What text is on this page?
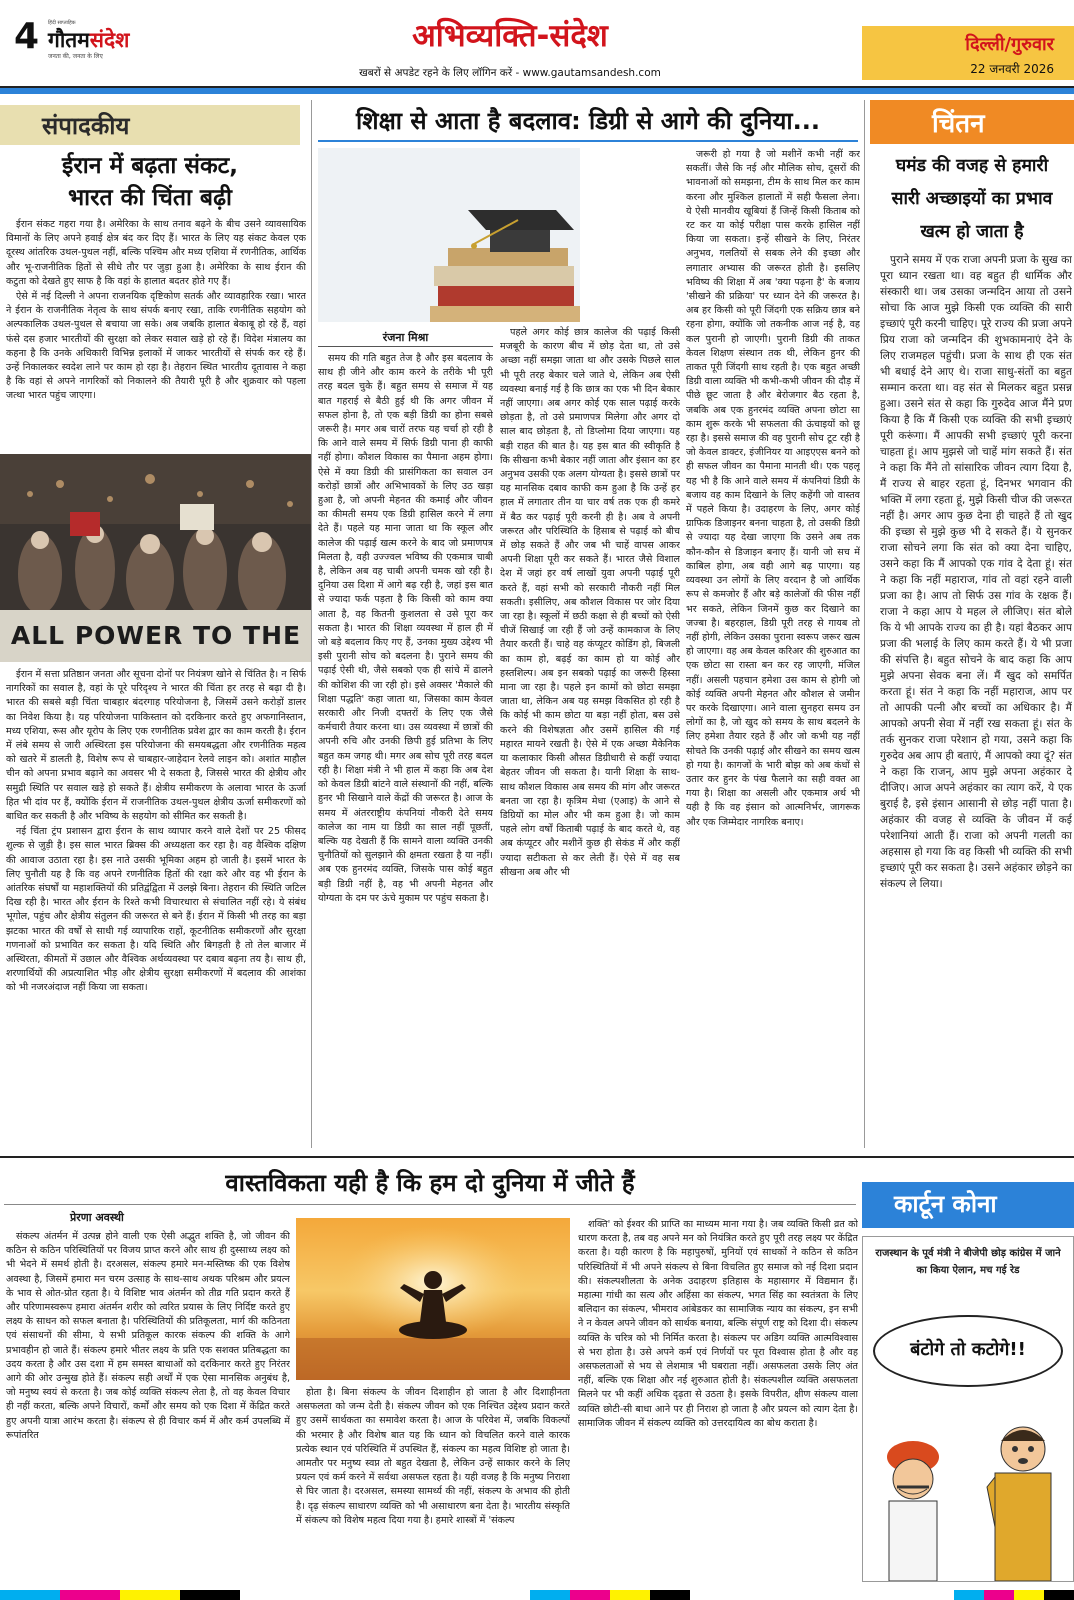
4 हिंदी साप्ताहिक
गौतमसंदेश
जनता की, जनता के लिए
अभिव्यक्ति-संदेश
खबरों से अपडेट रहने के लिए लॉगिन करें - www.gautamsandesh.com
दिल्ली/गुरुवार
22 जनवरी 2026
संपादकीय
ईरान में बढ़ता संकट,
भारत की चिंता बढ़ी

ईरान संकट गहरा गया है। अमेरिका के साथ तनाव बढ़ने के बीच उसने व्यावसायिक विमानों के लिए अपने हवाई क्षेत्र बंद कर दिए हैं। भारत के लिए यह संकट केवल एक दूरस्थ आंतरिक उथल-पुथल नहीं, बल्कि पश्चिम और मध्य एशिया में रणनीतिक, आर्थिक और भू-राजनीतिक हितों से सीधे तौर पर जुड़ा हुआ है। अमेरिका के साथ ईरान की कटुता को देखते हुए साफ है कि वहां के हालात बदतर होते गए हैं।

ऐसे में नई दिल्ली ने अपना राजनयिक दृष्टिकोण सतर्क और व्यावहारिक रखा। भारत ने ईरान के राजनीतिक नेतृत्व के साथ संपर्क बनाए रखा, ताकि रणनीतिक सहयोग को अल्पकालिक उथल-पुथल से बचाया जा सके। अब जबकि हालात बेकाबू हो रहे हैं, वहां फंसे दस हजार भारतीयों की सुरक्षा को लेकर सवाल खड़े हो रहे हैं। विदेश मंत्रालय का कहना है कि उनके अधिकारी विभिन्न इलाकों में जाकर भारतीयों से संपर्क कर रहे हैं। उन्हें निकालकर स्वदेश लाने पर काम हो रहा है। तेहरान स्थित भारतीय दूतावास ने कहा है कि वहां से अपने नागरिकों को निकालने की तैयारी पूरी है और शुक्रवार को पहला जत्था भारत पहुंच जाएगा।

ALL POWER TO THE

ईरान में सत्ता प्रतिष्ठान जनता और सूचना दोनों पर नियंत्रण खोने से चिंतित है। न सिर्फ नागरिकों का सवाल है, वहां के पूरे परिदृश्य ने भारत की चिंता हर तरह से बढ़ा दी है। भारत की सबसे बड़ी चिंता चाबहार बंदरगाह परियोजना है, जिसमें उसने करोड़ों डालर का निवेश किया है। यह परियोजना पाकिस्तान को दरकिनार करते हुए अफगानिस्तान, मध्य एशिया, रूस और यूरोप के लिए एक रणनीतिक प्रवेश द्वार का काम करती है। ईरान में लंबे समय से जारी अस्थिरता इस परियोजना की समयबद्धता और रणनीतिक महत्व को खतरे में डालती है, विशेष रूप से चाबहार-जाहेदान रेलवे लाइन को। अशांत माहौल चीन को अपना प्रभाव बढ़ाने का अवसर भी दे सकता है, जिससे भारत की क्षेत्रीय और समुद्री स्थिति पर सवाल खड़े हो सकते हैं। क्षेत्रीय समीकरण के अलावा भारत के ऊर्जा हित भी दांव पर हैं, क्योंकि ईरान में राजनीतिक उथल-पुथल क्षेत्रीय ऊर्जा समीकरणों को बाधित कर सकती है और भविष्य के सहयोग को सीमित कर सकती है।

नई चिंता ट्रंप प्रशासन द्वारा ईरान के साथ व्यापार करने वाले देशों पर 25 फीसद शुल्क से जुड़ी है। इस साल भारत ब्रिक्स की अध्यक्षता कर रहा है। वह वैश्विक दक्षिण की आवाज उठाता रहा है। इस नाते उसकी भूमिका अहम हो जाती है। इसमें भारत के लिए चुनौती यह है कि वह अपने रणनीतिक हितों की रक्षा करे और वह भी ईरान के आंतरिक संघर्षों या महाशक्तियों की प्रतिद्वंद्विता में उलझे बिना। तेहरान की स्थिति जटिल दिख रही है। भारत और ईरान के रिश्ते कभी विचारधारा से संचालित नहीं रहे। ये संबंध भूगोल, पहुंच और क्षेत्रीय संतुलन की जरूरत से बने हैं। ईरान में किसी भी तरह का बड़ा झटका भारत की वर्षों से साधी गई व्यापारिक राहों, कूटनीतिक समीकरणों और सुरक्षा गणनाओं को प्रभावित कर सकता है। यदि स्थिति और बिगड़ती है तो तेल बाजार में अस्थिरता, कीमतों में उछाल और वैश्विक अर्थव्यवस्था पर दबाव बढ़ना तय है। साथ ही, शरणार्थियों की अप्रत्याशित भीड़ और क्षेत्रीय सुरक्षा समीकरणों में बदलाव की आशंका को भी नजरअंदाज नहीं किया जा सकता।

शिक्षा से आता है बदलाव: डिग्री से आगे की दुनिया...
रंजना मिश्रा

समय की गति बहुत तेज है और इस बदलाव के साथ ही जीने और काम करने के तरीके भी पूरी तरह बदल चुके हैं। बहुत समय से समाज में यह बात गहराई से बैठी हुई थी कि अगर जीवन में सफल होना है, तो एक बड़ी डिग्री का होना सबसे जरूरी है। मगर अब चारों तरफ यह चर्चा हो रही है कि आने वाले समय में सिर्फ डिग्री पाना ही काफी नहीं होगा। कौशल विकास का पैमाना अहम होगा। ऐसे में क्या डिग्री की प्रासंगिकता का सवाल उन करोड़ों छात्रों और अभिभावकों के लिए उठ खड़ा हुआ है, जो अपनी मेहनत की कमाई और जीवन का कीमती समय एक डिग्री हासिल करने में लगा देते हैं। पहले यह माना जाता था कि स्कूल और कालेज की पढ़ाई खत्म करने के बाद जो प्रमाणपत्र मिलता है, वही उज्ज्वल भविष्य की एकमात्र चाबी है, लेकिन अब वह चाबी अपनी चमक खो रही है। दुनिया उस दिशा में आगे बढ़ रही है, जहां इस बात से ज्यादा फर्क पड़ता है कि किसी को काम क्या आता है, वह कितनी कुशलता से उसे पूरा कर सकता है। भारत की शिक्षा व्यवस्था में हाल ही में जो बड़े बदलाव किए गए हैं, उनका मुख्य उद्देश्य भी इसी पुरानी सोच को बदलना है। पुराने समय की पढ़ाई ऐसी थी, जैसे सबको एक ही सांचे में ढालने की कोशिश की जा रही हो। इसे अक्सर 'मैकाले की शिक्षा पद्धति' कहा जाता था, जिसका काम केवल सरकारी और निजी दफ्तरों के लिए एक जैसे कर्मचारी तैयार करना था। उस व्यवस्था में छात्रों की अपनी रुचि और उनकी छिपी हुई प्रतिभा के लिए बहुत कम जगह थी। मगर अब सोच पूरी तरह बदल रही है। शिक्षा मंत्री ने भी हाल में कहा कि अब देश को केवल डिग्री बांटने वाले संस्थानों की नहीं, बल्कि हुनर भी सिखाने वाले केंद्रों की जरूरत है। आज के समय में अंतरराष्ट्रीय कंपनियां नौकरी देते समय कालेज का नाम या डिग्री का साल नहीं पूछतीं, बल्कि यह देखती हैं कि सामने वाला व्यक्ति उनकी चुनौतियों को सुलझाने की क्षमता रखता है या नहीं। अब एक हुनरमंद व्यक्ति, जिसके पास कोई बहुत बड़ी डिग्री नहीं है, वह भी अपनी मेहनत और योग्यता के दम पर ऊंचे मुकाम पर पहुंच सकता है।

पहले अगर कोई छात्र कालेज की पढ़ाई किसी मजबूरी के कारण बीच में छोड़ देता था, तो उसे अच्छा नहीं समझा जाता था और उसके पिछले साल भी पूरी तरह बेकार चले जाते थे, लेकिन अब ऐसी व्यवस्था बनाई गई है कि छात्र का एक भी दिन बेकार नहीं जाएगा। अब अगर कोई एक साल पढ़ाई करके छोड़ता है, तो उसे प्रमाणपत्र मिलेगा और अगर दो साल बाद छोड़ता है, तो डिप्लोमा दिया जाएगा। यह बड़ी राहत की बात है। यह इस बात की स्वीकृति है कि सीखना कभी बेकार नहीं जाता और इंसान का हर अनुभव उसकी एक अलग योग्यता है। इससे छात्रों पर यह मानसिक दबाव काफी कम हुआ है कि उन्हें हर हाल में लगातार तीन या चार वर्ष तक एक ही कमरे में बैठ कर पढ़ाई पूरी करनी ही है। अब वे अपनी जरूरत और परिस्थिति के हिसाब से पढ़ाई को बीच में छोड़ सकते हैं और जब भी चाहें वापस आकर अपनी शिक्षा पूरी कर सकते हैं। भारत जैसे विशाल देश में जहां हर वर्ष लाखों युवा अपनी पढ़ाई पूरी करते हैं, वहां सभी को सरकारी नौकरी नहीं मिल सकती। इसीलिए, अब कौशल विकास पर जोर दिया जा रहा है। स्कूलों में छठी कक्षा से ही बच्चों को ऐसी चीजें सिखाई जा रही हैं जो उन्हें कामकाज के लिए तैयार करती हैं। चाहे वह कंप्यूटर कोडिंग हो, बिजली का काम हो, बढ़ई का काम हो या कोई और हस्तशिल्प। अब इन सबको पढ़ाई का जरूरी हिस्सा माना जा रहा है। पहले इन कामों को छोटा समझा जाता था, लेकिन अब यह समझ विकसित हो रही है कि कोई भी काम छोटा या बड़ा नहीं होता, बस उसे करने की विशेषज्ञता और उसमें हासिल की गई महारत मायने रखती है। ऐसे में एक अच्छा मैकेनिक या कलाकार किसी औसत डिग्रीधारी से कहीं ज्यादा बेहतर जीवन जी सकता है। यानी शिक्षा के साथ-साथ कौशल विकास अब समय की मांग और जरूरत बनता जा रहा है। कृत्रिम मेधा (एआइ) के आने से डिग्रियों का मोल और भी कम हुआ है। जो काम पहले लोग वर्षों किताबी पढ़ाई के बाद करते थे, वह अब कंप्यूटर और मशीनें कुछ ही सेकंड में और कहीं ज्यादा सटीकता से कर लेती हैं। ऐसे में वह सब सीखना अब और भी

जरूरी हो गया है जो मशीनें कभी नहीं कर सकतीं। जैसे कि नई और मौलिक सोच, दूसरों की भावनाओं को समझना, टीम के साथ मिल कर काम करना और मुश्किल हालातों में सही फैसला लेना। ये ऐसी मानवीय खूबियां हैं जिन्हें किसी किताब को रट कर या कोई परीक्षा पास करके हासिल नहीं किया जा सकता। इन्हें सीखने के लिए, निरंतर अनुभव, गलतियों से सबक लेने की इच्छा और लगातार अभ्यास की जरूरत होती है। इसलिए भविष्य की शिक्षा में अब 'क्या पढ़ना है' के बजाय 'सीखने की प्रक्रिया' पर ध्यान देने की जरूरत है। अब हर किसी को पूरी जिंदगी एक सक्रिय छात्र बने रहना होगा, क्योंकि जो तकनीक आज नई है, वह कल पुरानी हो जाएगी। पुरानी डिग्री की ताकत केवल शिक्षण संस्थान तक थी, लेकिन हुनर की ताकत पूरी जिंदगी साथ रहती है। एक बहुत अच्छी डिग्री वाला व्यक्ति भी कभी-कभी जीवन की दौड़ में पीछे छूट जाता है और बेरोजगार बैठ रहता है, जबकि अब एक हुनरमंद व्यक्ति अपना छोटा सा काम शुरू करके भी सफलता की ऊंचाइयों को छू रहा है। इससे समाज की वह पुरानी सोच टूट रही है जो केवल डाक्टर, इंजीनियर या आइएएस बनने को ही सफल जीवन का पैमाना मानती थी। एक पहलू यह भी है कि आने वाले समय में कंपनियां डिग्री के बजाय वह काम दिखाने के लिए कहेंगी जो वास्तव में पहले किया है। उदाहरण के लिए, अगर कोई ग्राफिक डिजाइनर बनना चाहता है, तो उसकी डिग्री से ज्यादा यह देखा जाएगा कि उसने अब तक कौन-कौन से डिजाइन बनाए हैं। यानी जो सच में काबिल होगा, अब वही आगे बढ़ पाएगा। यह व्यवस्था उन लोगों के लिए वरदान है जो आर्थिक रूप से कमजोर हैं और बड़े कालेजों की फीस नहीं भर सकते, लेकिन जिनमें कुछ कर दिखाने का जज्बा है। बहरहाल, डिग्री पूरी तरह से गायब तो नहीं होगी, लेकिन उसका पुराना स्वरूप जरूर खत्म हो जाएगा। वह अब केवल करिअर की शुरुआत का एक छोटा सा रास्ता बन कर रह जाएगी, मंजिल नहीं। असली पहचान हमेशा उस काम से होगी जो कोई व्यक्ति अपनी मेहनत और कौशल से जमीन पर करके दिखाएगा। आने वाला सुनहरा समय उन लोगों का है, जो खुद को समय के साथ बदलने के लिए हमेशा तैयार रहते हैं और जो कभी यह नहीं सोचते कि उनकी पढ़ाई और सीखने का समय खत्म हो गया है। कागजों के भारी बोझ को अब कंधों से उतार कर हुनर के पंख फैलाने का सही वक्त आ गया है। शिक्षा का असली और एकमात्र अर्थ भी यही है कि वह इंसान को आत्मनिर्भर, जागरूक और एक जिम्मेदार नागरिक बनाए।

चिंतन
घमंड की वजह से हमारी
सारी अच्छाइयों का प्रभाव
खत्म हो जाता है

पुराने समय में एक राजा अपनी प्रजा के सुख का पूरा ध्यान रखता था। वह बहुत ही धार्मिक और संस्कारी था। जब उसका जन्मदिन आया तो उसने सोचा कि आज मुझे किसी एक व्यक्ति की सारी इच्छाएं पूरी करनी चाहिए। पूरे राज्य की प्रजा अपने प्रिय राजा को जन्मदिन की शुभकामनाएं देने के लिए राजमहल पहुंची। प्रजा के साथ ही एक संत भी बधाई देने आए थे। राजा साधु-संतों का बहुत सम्मान करता था। वह संत से मिलकर बहुत प्रसन्न हुआ। उसने संत से कहा कि गुरुदेव आज मैंने प्रण किया है कि मैं किसी एक व्यक्ति की सभी इच्छाएं पूरी करूंगा। मैं आपकी सभी इच्छाएं पूरी करना चाहता हूं। आप मुझसे जो चाहें मांग सकते हैं। संत ने कहा कि मैंने तो सांसारिक जीवन त्याग दिया है, मैं राज्य से बाहर रहता हूं, दिनभर भगवान की भक्ति में लगा रहता हूं, मुझे किसी चीज की जरूरत नहीं है। अगर आप कुछ देना ही चाहते हैं तो खुद की इच्छा से मुझे कुछ भी दे सकते हैं। ये सुनकर राजा सोचने लगा कि संत को क्या देना चाहिए, उसने कहा कि मैं आपको एक गांव दे देता हूं। संत ने कहा कि नहीं महाराज, गांव तो वहां रहने वाली प्रजा का है। आप तो सिर्फ उस गांव के रक्षक हैं। राजा ने कहा आप ये महल ले लीजिए। संत बोले कि ये भी आपके राज्य का ही है। यहां बैठकर आप प्रजा की भलाई के लिए काम करते हैं। ये भी प्रजा की संपत्ति है। बहुत सोचने के बाद कहा कि आप मुझे अपना सेवक बना लें। मैं खुद को समर्पित करता हूं। संत ने कहा कि नहीं महाराज, आप पर तो आपकी पत्नी और बच्चों का अधिकार है। मैं आपको अपनी सेवा में नहीं रख सकता हूं। संत के तर्क सुनकर राजा परेशान हो गया, उसने कहा कि गुरुदेव अब आप ही बताएं, मैं आपको क्या दूं? संत ने कहा कि राजन्, आप मुझे अपना अहंकार दे दीजिए। आज अपने अहंकार का त्याग करें, ये एक बुराई है, इसे इंसान आसानी से छोड़ नहीं पाता है। अहंकार की वजह से व्यक्ति के जीवन में कई परेशानियां आती हैं। राजा को अपनी गलती का अहसास हो गया कि वह किसी भी व्यक्ति की सभी इच्छाएं पूरी कर सकता है। उसने अहंकार छोड़ने का संकल्प ले लिया।

वास्तविकता यही है कि हम दो दुनिया में जीते हैं
प्रेरणा अवस्थी

संकल्प अंतर्मन में उत्पन्न होने वाली एक ऐसी अद्भुत शक्ति है, जो जीवन की कठिन से कठिन परिस्थितियों पर विजय प्राप्त करने और साथ ही दुस्साध्य लक्ष्य को भी भेदने में समर्थ होती है। दरअसल, संकल्प हमारे मन-मस्तिष्क की एक विशेष अवस्था है, जिसमें हमारा मन चरम उत्साह के साथ-साथ अथक परिश्रम और प्रयत्न के भाव से ओत-प्रोत रहता है। ये विशिष्ट भाव अंतर्मन को तीव्र गति प्रदान करते हैं और परिणामस्वरूप हमारा अंतर्मन शरीर को त्वरित प्रयास के लिए निर्दिष्ट करते हुए लक्ष्य के साधन को सफल बनाता है। परिस्थितियों की प्रतिकूलता, मार्ग की कठिनता एवं संसाधनों की सीमा, ये सभी प्रतिकूल कारक संकल्प की शक्ति के आगे प्रभावहीन हो जाते हैं। संकल्प हमारे भीतर लक्ष्य के प्रति एक सशक्त प्रतिबद्धता का उदय करता है और उस दशा में हम समस्त बाधाओं को दरकिनार करते हुए निरंतर आगे की ओर उन्मुख होते हैं। संकल्प सही अर्थों में एक ऐसा मानसिक अनुबंध है, जो मनुष्य स्वयं से करता है। जब कोई व्यक्ति संकल्प लेता है, तो वह केवल विचार ही नहीं करता, बल्कि अपने विचारों, कर्मों और समय को एक दिशा में केंद्रित करते हुए अपनी यात्रा आरंभ करता है। संकल्प से ही विचार कर्म में और कर्म उपलब्धि में रूपांतरित

होता है। बिना संकल्प के जीवन दिशाहीन हो जाता है और दिशाहीनता असफलता को जन्म देती है। संकल्प जीवन को एक निश्चित उद्देश्य प्रदान करते हुए उसमें सार्थकता का समावेश करता है। आज के परिवेश में, जबकि विकल्पों की भरमार है और विशेष बात यह कि ध्यान को विचलित करने वाले कारक प्रत्येक स्थान एवं परिस्थिति में उपस्थित हैं, संकल्प का महत्व विशिष्ट हो जाता है। आमतौर पर मनुष्य स्वप्न तो बहुत देखता है, लेकिन उन्हें साकार करने के लिए प्रयत्न एवं कर्म करने में सर्वथा असफल रहता है। यही वजह है कि मनुष्य निराशा से घिर जाता है। दरअसल, समस्या सामर्थ्य की नहीं, संकल्प के अभाव की होती है। दृढ़ संकल्प साधारण व्यक्ति को भी असाधारण बना देता है। भारतीय संस्कृति में संकल्प को विशेष महत्व दिया गया है। हमारे शास्त्रों में 'संकल्प

शक्ति' को ईश्वर की प्राप्ति का माध्यम माना गया है। जब व्यक्ति किसी व्रत को धारण करता है, तब वह अपने मन को नियंत्रित करते हुए पूरी तरह लक्ष्य पर केंद्रित करता है। यही कारण है कि महापुरुषों, मुनियों एवं साधकों ने कठिन से कठिन परिस्थितियों में भी अपने संकल्प से बिना विचलित हुए समाज को नई दिशा प्रदान की। संकल्पशीलता के अनेक उदाहरण इतिहास के महासागर में विद्यमान हैं। महात्मा गांधी का सत्य और अहिंसा का संकल्प, भगत सिंह का स्वतंत्रता के लिए बलिदान का संकल्प, भीमराव आंबेडकर का सामाजिक न्याय का संकल्प, इन सभी ने न केवल अपने जीवन को सार्थक बनाया, बल्कि संपूर्ण राष्ट्र को दिशा दी। संकल्प व्यक्ति के चरित्र को भी निर्मित करता है। संकल्प पर अडिग व्यक्ति आत्मविश्वास से भरा होता है। उसे अपने कर्म एवं निर्णयों पर पूरा विश्वास होता है और वह असफलताओं से भय से लेशमात्र भी घबराता नहीं। असफलता उसके लिए अंत नहीं, बल्कि एक शिक्षा और नई शुरुआत होती है। संकल्पशील व्यक्ति असफलता मिलने पर भी कहीं अधिक दृढ़ता से उठता है। इसके विपरीत, क्षीण संकल्प वाला व्यक्ति छोटी-सी बाधा आने पर ही निराश हो जाता है और प्रयत्न को त्याग देता है। सामाजिक जीवन में संकल्प व्यक्ति को उत्तरदायित्व का बोध कराता है।

कार्टून कोना
राजस्थान के पूर्व मंत्री ने बीजेपी छोड़ कांग्रेस में जाने का किया ऐलान, मच गई रेड
बंटोगे तो कटोगे!!
